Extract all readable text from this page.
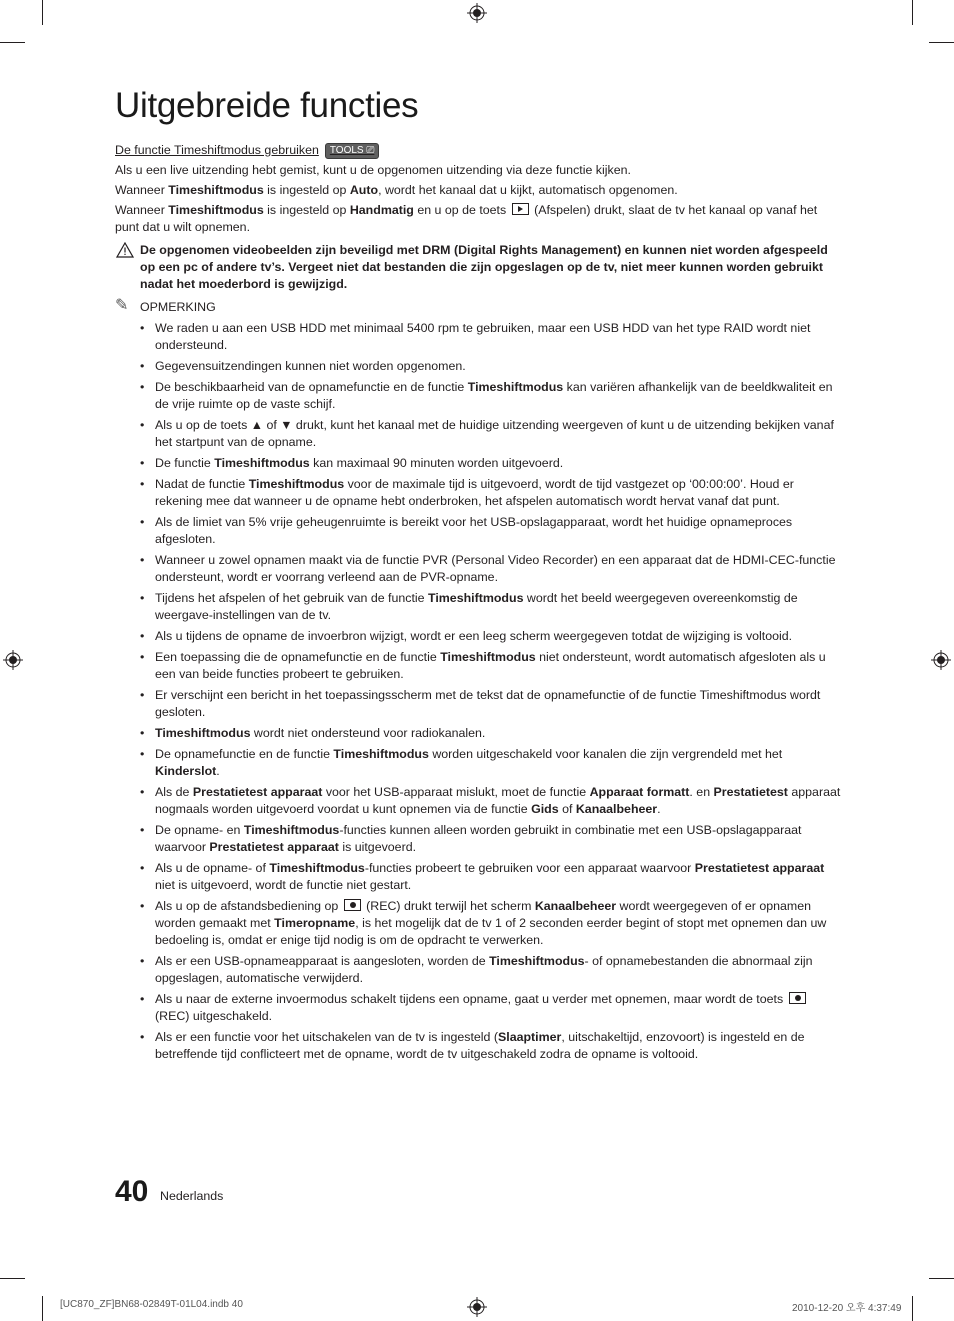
Uitgebreide functies
De functie Timeshiftmodus gebruiken	TOOLS ⎚
Als u een live uitzending hebt gemist, kunt u de opgenomen uitzending via deze functie kijken.
Wanneer Timeshiftmodus is ingesteld op Auto, wordt het kanaal dat u kijkt, automatisch opgenomen.
Wanneer Timeshiftmodus is ingesteld op Handmatig en u op de toets  (Afspelen) drukt, slaat de tv het kanaal op vanaf het punt dat u wilt opnemen.
De opgenomen videobeelden zijn beveiligd met DRM (Digital Rights Management) en kunnen niet worden afgespeeld op een pc of andere tv’s. Vergeet niet dat bestanden die zijn opgeslagen op de tv, niet meer kunnen worden gebruikt nadat het moederbord is gewijzigd.
✎ OPMERKING
• We raden u aan een USB HDD met minimaal 5400 rpm te gebruiken, maar een USB HDD van het type RAID wordt niet ondersteund.
• Gegevensuitzendingen kunnen niet worden opgenomen.
• De beschikbaarheid van de opnamefunctie en de functie Timeshiftmodus kan variëren afhankelijk van de beeldkwaliteit en de vrije ruimte op de vaste schijf.
• Als u op de toets ▲ of ▼ drukt, kunt het kanaal met de huidige uitzending weergeven of kunt u de uitzending bekijken vanaf het startpunt van de opname.
• De functie Timeshiftmodus kan maximaal 90 minuten worden uitgevoerd.
• Nadat de functie Timeshiftmodus voor de maximale tijd is uitgevoerd, wordt de tijd vastgezet op ‘00:00:00’. Houd er rekening mee dat wanneer u de opname hebt onderbroken, het afspelen automatisch wordt hervat vanaf dat punt.
• Als de limiet van 5% vrije geheugenruimte is bereikt voor het USB-opslagapparaat, wordt het huidige opnameproces afgesloten.
• Wanneer u zowel opnamen maakt via de functie PVR (Personal Video Recorder) en een apparaat dat de HDMI-CEC-functie ondersteunt, wordt er voorrang verleend aan de PVR-opname.
• Tijdens het afspelen of het gebruik van de functie Timeshiftmodus wordt het beeld weergegeven overeenkomstig de weergave-instellingen van de tv.
• Als u tijdens de opname de invoerbron wijzigt, wordt er een leeg scherm weergegeven totdat de wijziging is voltooid.
• Een toepassing die de opnamefunctie en de functie Timeshiftmodus niet ondersteunt, wordt automatisch afgesloten als u een van beide functies probeert te gebruiken.
• Er verschijnt een bericht in het toepassingsscherm met de tekst dat de opnamefunctie of de functie Timeshiftmodus wordt gesloten.
• Timeshiftmodus wordt niet ondersteund voor radiokanalen.
• De opnamefunctie en de functie Timeshiftmodus worden uitgeschakeld voor kanalen die zijn vergrendeld met het Kinderslot.
• Als de Prestatietest apparaat voor het USB-apparaat mislukt, moet de functie Apparaat formatt. en Prestatietest apparaat nogmaals worden uitgevoerd voordat u kunt opnemen via de functie Gids of Kanaalbeheer.
• De opname- en Timeshiftmodus-functies kunnen alleen worden gebruikt in combinatie met een USB-opslagapparaat waarvoor Prestatietest apparaat is uitgevoerd.
• Als u de opname- of Timeshiftmodus-functies probeert te gebruiken voor een apparaat waarvoor Prestatietest apparaat niet is uitgevoerd, wordt de functie niet gestart.
• Als u op de afstandsbediening op  (REC) drukt terwijl het scherm Kanaalbeheer wordt weergegeven of er opnamen worden gemaakt met Timeropname, is het mogelijk dat de tv 1 of 2 seconden eerder begint of stopt met opnemen dan uw bedoeling is, omdat er enige tijd nodig is om de opdracht te verwerken.
• Als er een USB-opnameapparaat is aangesloten, worden de Timeshiftmodus- of opnamebestanden die abnormaal zijn opgeslagen, automatische verwijderd.
• Als u naar de externe invoermodus schakelt tijdens een opname, gaat u verder met opnemen, maar wordt de toets  (REC) uitgeschakeld.
• Als er een functie voor het uitschakelen van de tv is ingesteld (Slaaptimer, uitschakeltijd, enzovoort) is ingesteld en de betreffende tijd conflicteert met de opname, wordt de tv uitgeschakeld zodra de opname is voltooid.
40 Nederlands
[UC870_ZF]BN68-02849T-01L04.indb 40	2010-12-20 오후 4:37:49
